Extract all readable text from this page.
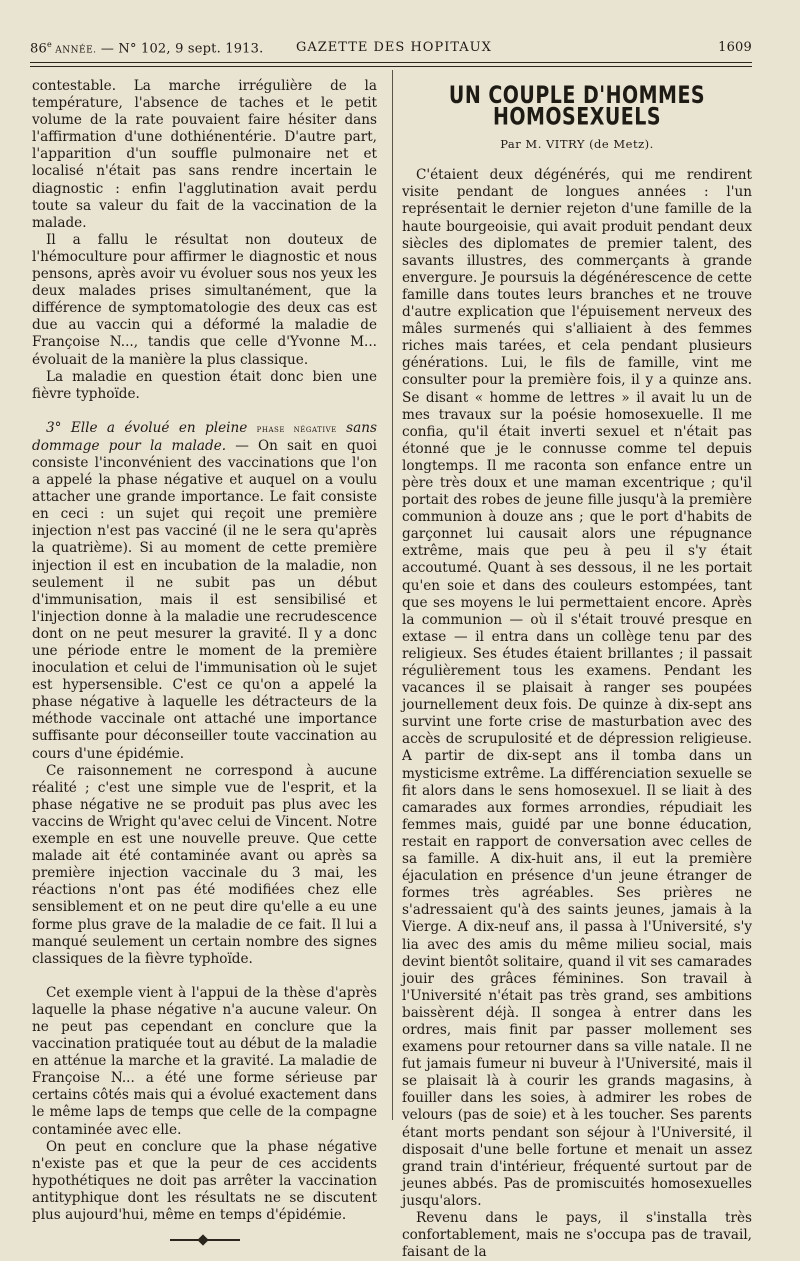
86e ANNÉE. — N° 102, 9 sept. 1913.	GAZETTE DES HOPITAUX	1609

contestable. La marche irrégulière de la température, l'absence de taches et le petit volume de la rate pouvaient faire hésiter dans l'affirmation d'une dothiénentérie. D'autre part, l'apparition d'un souffle pulmonaire net et localisé n'était pas sans rendre incertain le diagnostic : enfin l'agglutination avait perdu toute sa valeur du fait de la vaccination de la malade.

Il a fallu le résultat non douteux de l'hémoculture pour affirmer le diagnostic et nous pensons, après avoir vu évoluer sous nos yeux les deux malades prises simultanément, que la différence de symptomatologie des deux cas est due au vaccin qui a déformé la maladie de Françoise N..., tandis que celle d'Yvonne M... évoluait de la manière la plus classique.

La maladie en question était donc bien une fièvre typhoïde.

3° Elle a évolué en pleine phase négative sans dommage pour la malade. — On sait en quoi consiste l'inconvénient des vaccinations que l'on a appelé la phase négative et auquel on a voulu attacher une grande importance. Le fait consiste en ceci : un sujet qui reçoit une première injection n'est pas vacciné (il ne le sera qu'après la quatrième). Si au moment de cette première injection il est en incubation de la maladie, non seulement il ne subit pas un début d'immunisation, mais il est sensibilisé et l'injection donne à la maladie une recrudescence dont on ne peut mesurer la gravité. Il y a donc une période entre le moment de la première inoculation et celui de l'immunisation où le sujet est hypersensible. C'est ce qu'on a appelé la phase négative à laquelle les détracteurs de la méthode vaccinale ont attaché une importance suffisante pour déconseiller toute vaccination au cours d'une épidémie.

Ce raisonnement ne correspond à aucune réalité ; c'est une simple vue de l'esprit, et la phase négative ne se produit pas plus avec les vaccins de Wright qu'avec celui de Vincent. Notre exemple en est une nouvelle preuve. Que cette malade ait été contaminée avant ou après sa première injection vaccinale du 3 mai, les réactions n'ont pas été modifiées chez elle sensiblement et on ne peut dire qu'elle a eu une forme plus grave de la maladie de ce fait. Il lui a manqué seulement un certain nombre des signes classiques de la fièvre typhoïde.

Cet exemple vient à l'appui de la thèse d'après laquelle la phase négative n'a aucune valeur. On ne peut pas cependant en conclure que la vaccination pratiquée tout au début de la maladie en atténue la marche et la gravité. La maladie de Françoise N... a été une forme sérieuse par certains côtés mais qui a évolué exactement dans le même laps de temps que celle de la compagne contaminée avec elle.

On peut en conclure que la phase négative n'existe pas et que la peur de ces accidents hypothétiques ne doit pas arrêter la vaccination antityphique dont les résultats ne se discutent plus aujourd'hui, même en temps d'épidémie.

UN COUPLE D'HOMMES HOMOSEXUELS
Par M. VITRY (de Metz).

C'étaient deux dégénérés, qui me rendirent visite pendant de longues années : l'un représentait le dernier rejeton d'une famille de la haute bourgeoisie, qui avait produit pendant deux siècles des diplomates de premier talent, des savants illustres, des commerçants à grande envergure. Je poursuis la dégénérescence de cette famille dans toutes leurs branches et ne trouve d'autre explication que l'épuisement nerveux des mâles surmenés qui s'alliaient à des femmes riches mais tarées, et cela pendant plusieurs générations. Lui, le fils de famille, vint me consulter pour la première fois, il y a quinze ans. Se disant « homme de lettres » il avait lu un de mes travaux sur la poésie homosexuelle. Il me confia, qu'il était inverti sexuel et n'était pas étonné que je le connusse comme tel depuis longtemps. Il me raconta son enfance entre un père très doux et une maman excentrique ; qu'il portait des robes de jeune fille jusqu'à la première communion à douze ans ; que le port d'habits de garçonnet lui causait alors une répugnance extrême, mais que peu à peu il s'y était accoutumé. Quant à ses dessous, il ne les portait qu'en soie et dans des couleurs estompées, tant que ses moyens le lui permettaient encore. Après la communion — où il s'était trouvé presque en extase — il entra dans un collège tenu par des religieux. Ses études étaient brillantes ; il passait régulièrement tous les examens. Pendant les vacances il se plaisait à ranger ses poupées journellement deux fois. De quinze à dix-sept ans survint une forte crise de masturbation avec des accès de scrupulosité et de dépression religieuse. A partir de dix-sept ans il tomba dans un mysticisme extrême. La différenciation sexuelle se fit alors dans le sens homosexuel. Il se liait à des camarades aux formes arrondies, répudiait les femmes mais, guidé par une bonne éducation, restait en rapport de conversation avec celles de sa famille. A dix-huit ans, il eut la première éjaculation en présence d'un jeune étranger de formes très agréables. Ses prières ne s'adressaient qu'à des saints jeunes, jamais à la Vierge. A dix-neuf ans, il passa à l'Université, s'y lia avec des amis du même milieu social, mais devint bientôt solitaire, quand il vit ses camarades jouir des grâces féminines. Son travail à l'Université n'était pas très grand, ses ambitions baissèrent déjà. Il songea à entrer dans les ordres, mais finit par passer mollement ses examens pour retourner dans sa ville natale. Il ne fut jamais fumeur ni buveur à l'Université, mais il se plaisait là à courir les grands magasins, à fouiller dans les soies, à admirer les robes de velours (pas de soie) et à les toucher. Ses parents étant morts pendant son séjour à l'Université, il disposait d'une belle fortune et menait un assez grand train d'intérieur, fréquenté surtout par de jeunes abbés. Pas de promiscuités homosexuelles jusqu'alors.

Revenu dans le pays, il s'installa très confortablement, mais ne s'occupa pas de travail, faisant de la
